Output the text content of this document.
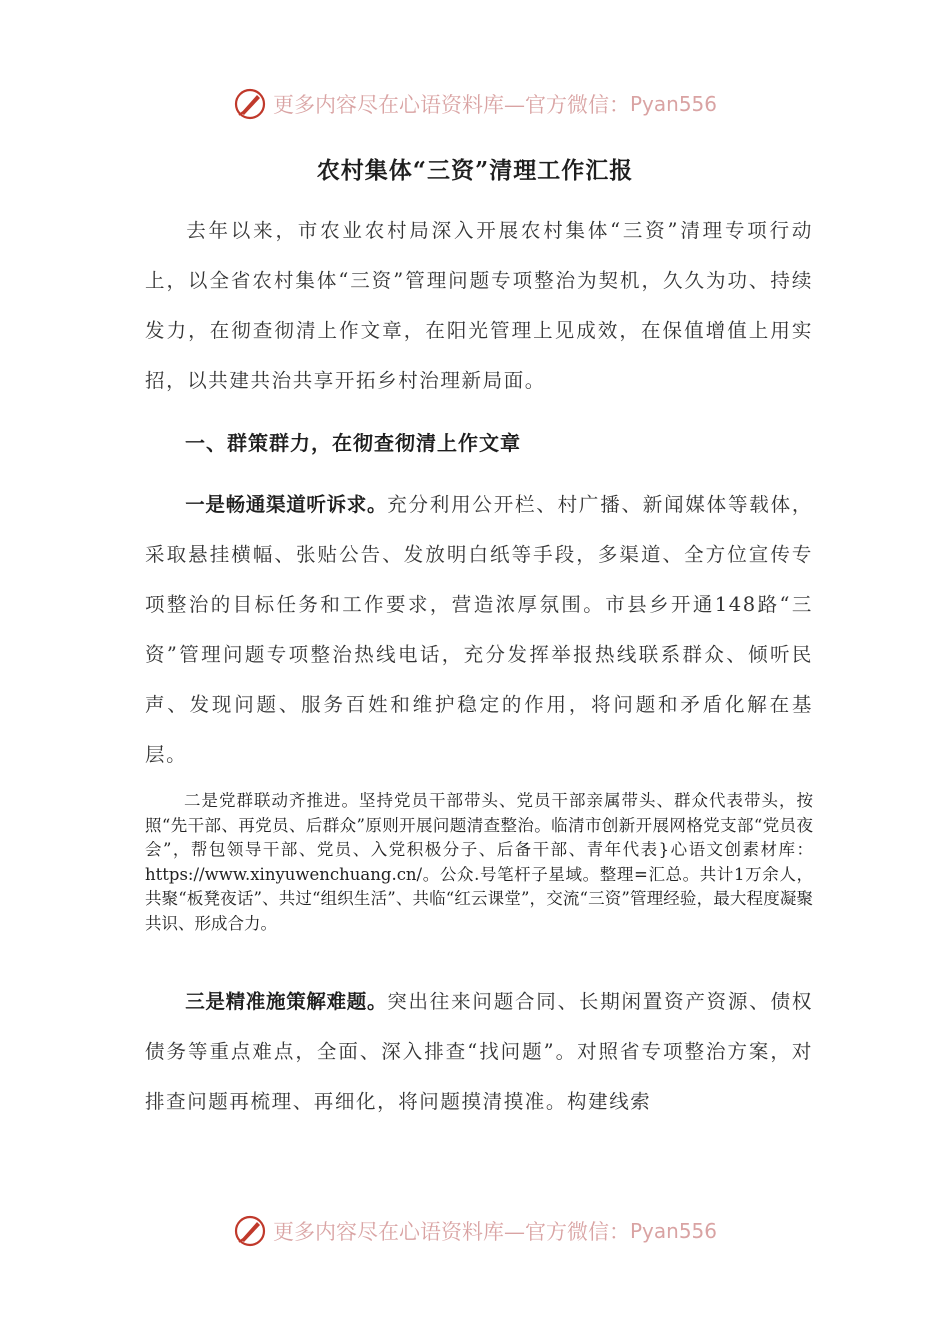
更多内容尽在心语资料库—官方微信： Pyan556
农村集体“三资”清理工作汇报

去年以来，市农业农村局深入开展农村集体“三资”清理专项行动上，以全省农村集体“三资”管理问题专项整治为契机，久久为功、持续发力，在彻查彻清上作文章，在阳光管理上见成效，在保值增值上用实招，以共建共治共享开拓乡村治理新局面。

一、群策群力，在彻查彻清上作文章

一是畅通渠道听诉求。充分利用公开栏、村广播、新闻媒体等载体，采取悬挂横幅、张贴公告、发放明白纸等手段，多渠道、全方位宣传专项整治的目标任务和工作要求，营造浓厚氛围。市县乡开通148路“三资”管理问题专项整治热线电话，充分发挥举报热线联系群众、倾听民声、发现问题、服务百姓和维护稳定的作用，将问题和矛盾化解在基层。

二是党群联动齐推进。坚持党员干部带头、党员干部亲属带头、群众代表带头，按照“先干部、再党员、后群众”原则开展问题清查整治。临清市创新开展网格党支部“党员夜会”，帮包领导干部、党员、入党积极分子、后备干部、青年代表}心语文创素材库：https://www.xinyuwenchuang.cn/。公众.号笔杆子星域。整理=汇总。共计1万余人，共聚“板凳夜话”、共过“组织生活”、共临“红云课堂”，交流“三资”管理经验，最大程度凝聚共识、形成合力。

三是精准施策解难题。突出往来问题合同、长期闲置资产资源、债权债务等重点难点，全面、深入排查“找问题”。对照省专项整治方案，对排查问题再梳理、再细化，将问题摸清摸准。构建线索

更多内容尽在心语资料库—官方微信： Pyan556
